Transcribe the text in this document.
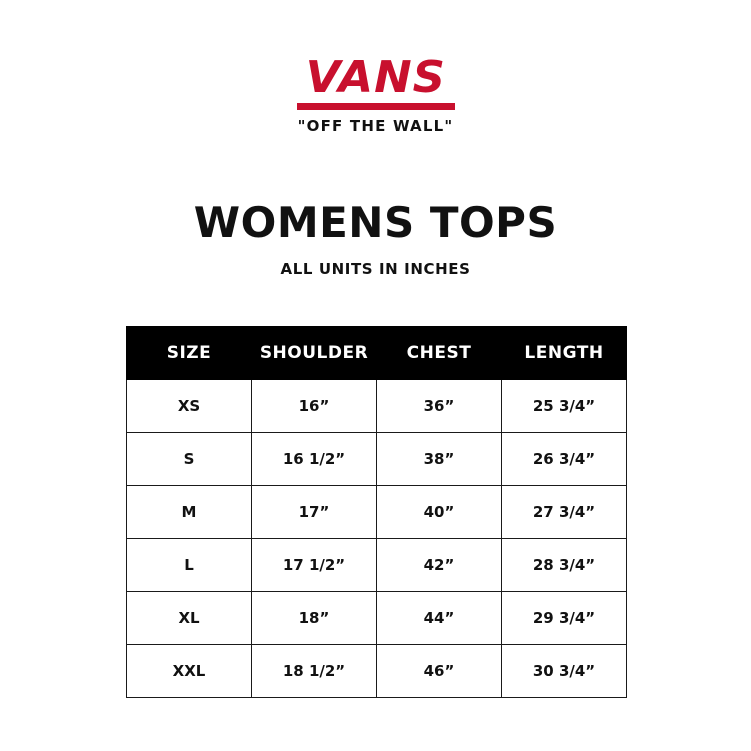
VANS
"OFF THE WALL"
WOMENS TOPS
ALL UNITS IN INCHES
SIZE	SHOULDER	CHEST	LENGTH
XS	16”	36”	25 3/4”
S	16 1/2”	38”	26 3/4”
M	17”	40”	27 3/4”
L	17 1/2”	42”	28 3/4”
XL	18”	44”	29 3/4”
XXL	18 1/2”	46”	30 3/4”
